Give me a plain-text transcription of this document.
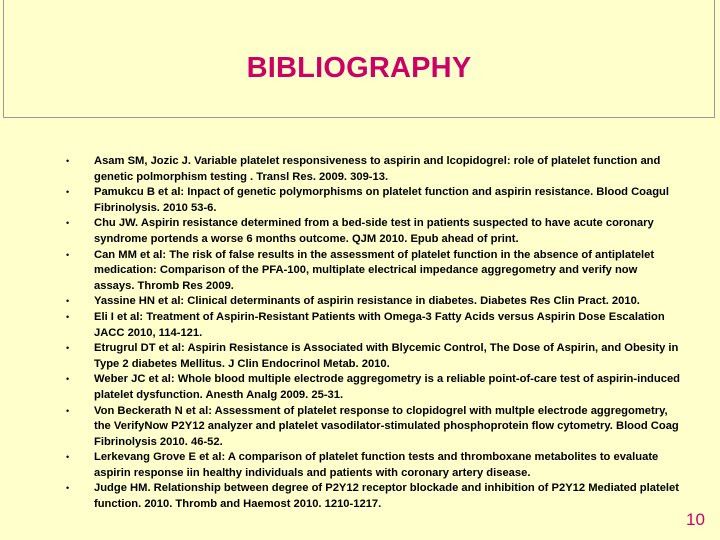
BIBLIOGRAPHY
• Asam SM, Jozic J. Variable platelet responsiveness to aspirin and lcopidogrel: role of platelet function and genetic polmorphism testing . Transl Res. 2009. 309-13.
• Pamukcu B et al: Inpact of genetic polymorphisms on platelet function and aspirin resistance. Blood Coagul Fibrinolysis. 2010 53-6.
• Chu JW. Aspirin resistance determined from a bed-side test in patients suspected to have acute coronary syndrome portends a worse 6 months outcome. QJM 2010. Epub ahead of print.
• Can MM et al: The risk of false results in the assessment of platelet function in the absence of antiplatelet medication: Comparison of the PFA-100, multiplate electrical impedance aggregometry and verify now assays. Thromb Res 2009.
• Yassine HN et al: Clinical determinants of aspirin resistance in diabetes. Diabetes Res Clin Pract. 2010.
• Eli I et al: Treatment of Aspirin-Resistant Patients with Omega-3 Fatty Acids versus Aspirin Dose Escalation JACC 2010, 114-121.
• Etrugrul DT et al: Aspirin Resistance is Associated with Blycemic Control, The Dose of Aspirin, and Obesity in Type 2 diabetes Mellitus. J Clin Endocrinol Metab. 2010.
• Weber JC et al: Whole blood multiple electrode aggregometry is a reliable point-of-care test of aspirin-induced platelet dysfunction. Anesth Analg 2009. 25-31.
• Von Beckerath N et al: Assessment of platelet response to clopidogrel with multple electrode aggregometry, the VerifyNow P2Y12 analyzer and platelet vasodilator-stimulated phosphoprotein flow cytometry. Blood Coag Fibrinolysis 2010. 46-52.
• Lerkevang Grove E et al: A comparison of platelet function tests and thromboxane metabolites to evaluate aspirin response iin healthy individuals and patients with coronary artery disease.
• Judge HM. Relationship between degree of P2Y12 receptor blockade and inhibition of P2Y12 Mediated platelet function. 2010. Thromb and Haemost 2010. 1210-1217.
10
